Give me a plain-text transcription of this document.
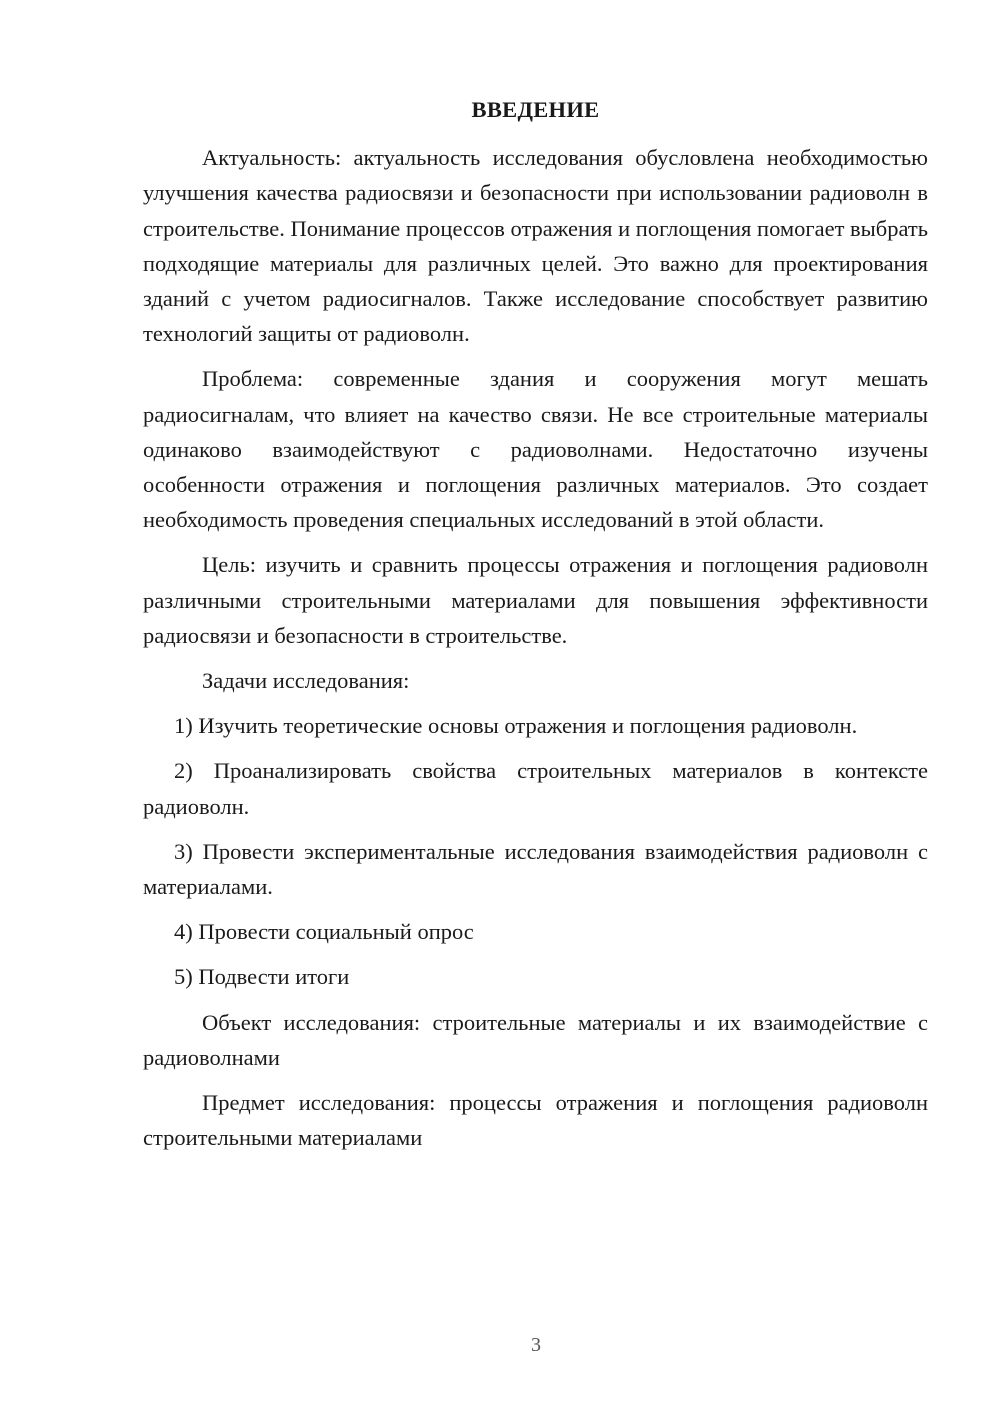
ВВЕДЕНИЕ

Актуальность: актуальность исследования обусловлена необходимостью улучшения качества радиосвязи и безопасности при использовании радиоволн в строительстве. Понимание процессов отражения и поглощения помогает выбрать подходящие материалы для различных целей. Это важно для проектирования зданий с учетом радиосигналов. Также исследование способствует развитию технологий защиты от радиоволн.

Проблема: современные здания и сооружения могут мешать радиосигналам, что влияет на качество связи. Не все строительные материалы одинаково взаимодействуют с радиоволнами. Недостаточно изучены особенности отражения и поглощения различных материалов. Это создает необходимость проведения специальных исследований в этой области.

Цель: изучить и сравнить процессы отражения и поглощения радиоволн различными строительными материалами для повышения эффективности радиосвязи и безопасности в строительстве.

Задачи исследования:

1) Изучить теоретические основы отражения и поглощения радиоволн.

2) Проанализировать свойства строительных материалов в контексте радиоволн.

3) Провести экспериментальные исследования взаимодействия радиоволн с материалами.

4) Провести социальный опрос

5) Подвести итоги

Объект исследования: строительные материалы и их взаимодействие с радиоволнами

Предмет исследования: процессы отражения и поглощения радиоволн строительными материалами

3
